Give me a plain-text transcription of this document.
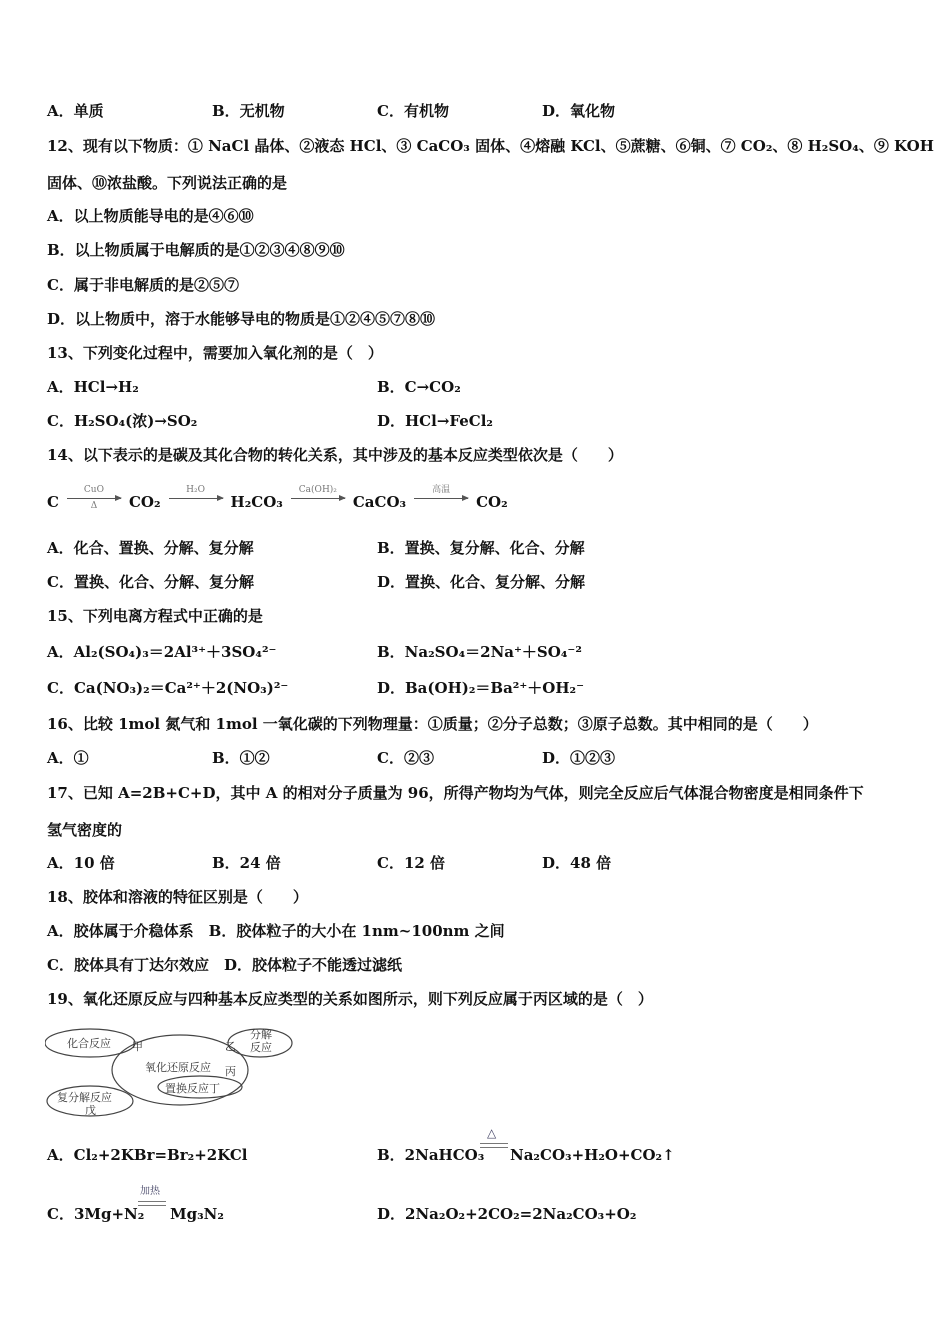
A．单质	B．无机物	C．有机物	D．氧化物
12、现有以下物质：① NaCl 晶体、②液态 HCl、③ CaCO₃ 固体、④熔融 KCl、⑤蔗糖、⑥铜、⑦ CO₂、⑧ H₂SO₄、⑨ KOH
固体、⑩浓盐酸。下列说法正确的是
A．以上物质能导电的是④⑥⑩
B．以上物质属于电解质的是①②③④⑧⑨⑩
C．属于非电解质的是②⑤⑦
D．以上物质中，溶于水能够导电的物质是①②④⑤⑦⑧⑩
13、下列变化过程中，需要加入氧化剂的是（　）
A．HCl→H₂	B．C→CO₂
C．H₂SO₄(浓)→SO₂	D．HCl→FeCl₂
14、以下表示的是碳及其化合物的转化关系，其中涉及的基本反应类型依次是（　　）
C
CuO
Δ	CO₂
H₂O
H₂CO₃
Ca(OH)₂
CaCO₃
高温
CO₂
A．化合、置换、分解、复分解	B．置换、复分解、化合、分解
C．置换、化合、分解、复分解	D．置换、化合、复分解、分解
15、下列电离方程式中正确的是
A．Al₂(SO₄)₃＝2Al³⁺＋3SO₄²⁻	B．Na₂SO₄＝2Na⁺＋SO₄⁻²
C．Ca(NO₃)₂＝Ca²⁺＋2(NO₃)²⁻	D．Ba(OH)₂＝Ba²⁺＋OH₂⁻
16、比较 1mol 氮气和 1mol 一氧化碳的下列物理量：①质量；②分子总数；③原子总数。其中相同的是（　　）
A．①	B．①②	C．②③	D．①②③
17、已知 A=2B+C+D，其中 A 的相对分子质量为 96，所得产物均为气体，则完全反应后气体混合物密度是相同条件下
氢气密度的
A．10 倍	B．24 倍	C．12 倍	D．48 倍
18、胶体和溶液的特征区别是（　　）
A．胶体属于介稳体系　B．胶体粒子的大小在 1nm~100nm 之间
C．胶体具有丁达尔效应　D．胶体粒子不能透过滤纸
19、氧化还原反应与四种基本反应类型的关系如图所示，则下列反应属于丙区域的是（　）
化合反应 甲
分解
反应
乙
氧化还原反应 丙
置换反应丁
复分解反应
戊
A．Cl₂+2KBr=Br₂+2KCl	B．2NaHCO₃
△
Na₂CO₃+H₂O+CO₂↑
C．3Mg+N₂
加热
Mg₃N₂	D．2Na₂O₂+2CO₂=2Na₂CO₃+O₂
